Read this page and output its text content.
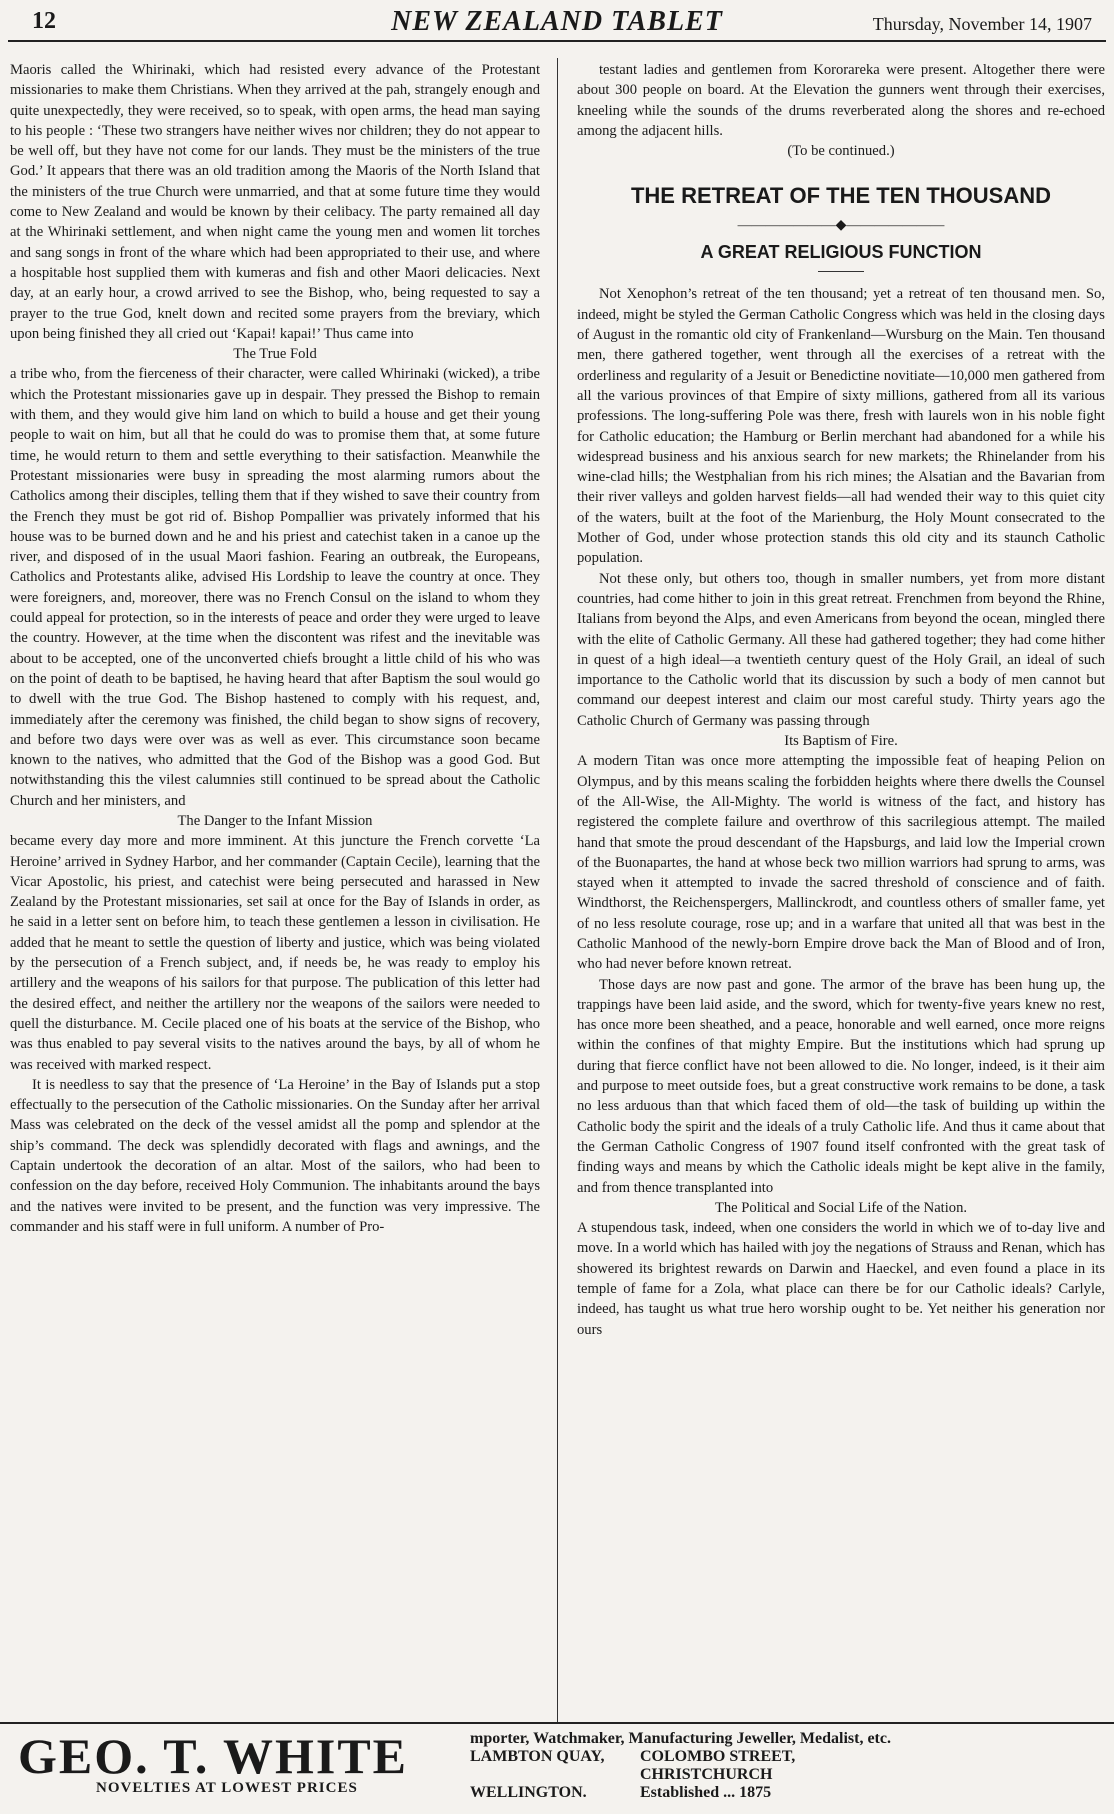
12	NEW ZEALAND TABLET	Thursday, November 14, 1907

Maoris called the Whirinaki, which had resisted every advance of the Protestant missionaries to make them Christians. When they arrived at the pah, strangely enough and quite unexpectedly, they were received, so to speak, with open arms, the head man saying to his people : ‘These two strangers have neither wives nor children; they do not appear to be well off, but they have not come for our lands. They must be the ministers of the true God.’ It appears that there was an old tradition among the Maoris of the North Island that the ministers of the true Church were unmarried, and that at some future time they would come to New Zealand and would be known by their celibacy. The party remained all day at the Whirinaki settlement, and when night came the young men and women lit torches and sang songs in front of the whare which had been appropriated to their use, and where a hospitable host supplied them with kumeras and fish and other Maori delicacies. Next day, at an early hour, a crowd arrived to see the Bishop, who, being requested to say a prayer to the true God, knelt down and recited some prayers from the breviary, which upon being finished they all cried out ‘Kapai! kapai!’ Thus came into

The True Fold

a tribe who, from the fierceness of their character, were called Whirinaki (wicked), a tribe which the Protestant missionaries gave up in despair. They pressed the Bishop to remain with them, and they would give him land on which to build a house and get their young people to wait on him, but all that he could do was to promise them that, at some future time, he would return to them and settle everything to their satisfaction. Meanwhile the Protestant missionaries were busy in spreading the most alarming rumors about the Catholics among their disciples, telling them that if they wished to save their country from the French they must be got rid of. Bishop Pompallier was privately informed that his house was to be burned down and he and his priest and catechist taken in a canoe up the river, and disposed of in the usual Maori fashion. Fearing an outbreak, the Europeans, Catholics and Protestants alike, advised His Lordship to leave the country at once. They were foreigners, and, moreover, there was no French Consul on the island to whom they could appeal for protection, so in the interests of peace and order they were urged to leave the country. However, at the time when the discontent was rifest and the inevitable was about to be accepted, one of the unconverted chiefs brought a little child of his who was on the point of death to be baptised, he having heard that after Baptism the soul would go to dwell with the true God. The Bishop hastened to comply with his request, and, immediately after the ceremony was finished, the child began to show signs of recovery, and before two days were over was as well as ever. This circumstance soon became known to the natives, who admitted that the God of the Bishop was a good God. But notwithstanding this the vilest calumnies still continued to be spread about the Catholic Church and her ministers, and

The Danger to the Infant Mission

became every day more and more imminent. At this juncture the French corvette ‘La Heroine’ arrived in Sydney Harbor, and her commander (Captain Cecile), learning that the Vicar Apostolic, his priest, and catechist were being persecuted and harassed in New Zealand by the Protestant missionaries, set sail at once for the Bay of Islands in order, as he said in a letter sent on before him, to teach these gentlemen a lesson in civilisation. He added that he meant to settle the question of liberty and justice, which was being violated by the persecution of a French subject, and, if needs be, he was ready to employ his artillery and the weapons of his sailors for that purpose. The publication of this letter had the desired effect, and neither the artillery nor the weapons of the sailors were needed to quell the disturbance. M. Cecile placed one of his boats at the service of the Bishop, who was thus enabled to pay several visits to the natives around the bays, by all of whom he was received with marked respect.

It is needless to say that the presence of ‘La Heroine’ in the Bay of Islands put a stop effectually to the persecution of the Catholic missionaries. On the Sunday after her arrival Mass was celebrated on the deck of the vessel amidst all the pomp and splendor at the ship’s command. The deck was splendidly decorated with flags and awnings, and the Captain undertook the decoration of an altar. Most of the sailors, who had been to confession on the day before, received Holy Communion. The inhabitants around the bays and the natives were invited to be present, and the function was very impressive. The commander and his staff were in full uniform. A number of Pro-

testant ladies and gentlemen from Kororareka were present. Altogether there were about 300 people on board. At the Elevation the gunners went through their exercises, kneeling while the sounds of the drums reverberated along the shores and re-echoed among the adjacent hills.

(To be continued.)

THE RETREAT OF THE TEN THOUSAND
———————◆———————
A GREAT RELIGIOUS FUNCTION

Not Xenophon’s retreat of the ten thousand; yet a retreat of ten thousand men. So, indeed, might be styled the German Catholic Congress which was held in the closing days of August in the romantic old city of Frankenland—Wursburg on the Main. Ten thousand men, there gathered together, went through all the exercises of a retreat with the orderliness and regularity of a Jesuit or Benedictine novitiate—10,000 men gathered from all the various provinces of that Empire of sixty millions, gathered from all its various professions. The long-suffering Pole was there, fresh with laurels won in his noble fight for Catholic education; the Hamburg or Berlin merchant had abandoned for a while his widespread business and his anxious search for new markets; the Rhinelander from his wine-clad hills; the Westphalian from his rich mines; the Alsatian and the Bavarian from their river valleys and golden harvest fields—all had wended their way to this quiet city of the waters, built at the foot of the Marienburg, the Holy Mount consecrated to the Mother of God, under whose protection stands this old city and its staunch Catholic population.

Not these only, but others too, though in smaller numbers, yet from more distant countries, had come hither to join in this great retreat. Frenchmen from beyond the Rhine, Italians from beyond the Alps, and even Americans from beyond the ocean, mingled there with the elite of Catholic Germany. All these had gathered together; they had come hither in quest of a high ideal—a twentieth century quest of the Holy Grail, an ideal of such importance to the Catholic world that its discussion by such a body of men cannot but command our deepest interest and claim our most careful study. Thirty years ago the Catholic Church of Germany was passing through

Its Baptism of Fire.

A modern Titan was once more attempting the impossible feat of heaping Pelion on Olympus, and by this means scaling the forbidden heights where there dwells the Counsel of the All-Wise, the All-Mighty. The world is witness of the fact, and history has registered the complete failure and overthrow of this sacrilegious attempt. The mailed hand that smote the proud descendant of the Hapsburgs, and laid low the Imperial crown of the Buonapartes, the hand at whose beck two million warriors had sprung to arms, was stayed when it attempted to invade the sacred threshold of conscience and of faith. Windthorst, the Reichenspergers, Mallinckrodt, and countless others of smaller fame, yet of no less resolute courage, rose up; and in a warfare that united all that was best in the Catholic Manhood of the newly-born Empire drove back the Man of Blood and of Iron, who had never before known retreat.

Those days are now past and gone. The armor of the brave has been hung up, the trappings have been laid aside, and the sword, which for twenty-five years knew no rest, has once more been sheathed, and a peace, honorable and well earned, once more reigns within the confines of that mighty Empire. But the institutions which had sprung up during that fierce conflict have not been allowed to die. No longer, indeed, is it their aim and purpose to meet outside foes, but a great constructive work remains to be done, a task no less arduous than that which faced them of old—the task of building up within the Catholic body the spirit and the ideals of a truly Catholic life. And thus it came about that the German Catholic Congress of 1907 found itself confronted with the great task of finding ways and means by which the Catholic ideals might be kept alive in the family, and from thence transplanted into

The Political and Social Life of the Nation.

A stupendous task, indeed, when one considers the world in which we of to-day live and move. In a world which has hailed with joy the negations of Strauss and Renan, which has showered its brightest rewards on Darwin and Haeckel, and even found a place in its temple of fame for a Zola, what place can there be for our Catholic ideals? Carlyle, indeed, has taught us what true hero worship ought to be. Yet neither his generation nor ours

GEO. T. WHITE
NOVELTIES AT LOWEST PRICES
mporter, Watchmaker, Manufacturing Jeweller, Medalist, etc.
LAMBTON QUAY,	COLOMBO STREET, CHRISTCHURCH
WELLINGTON.	Established ... 1875
